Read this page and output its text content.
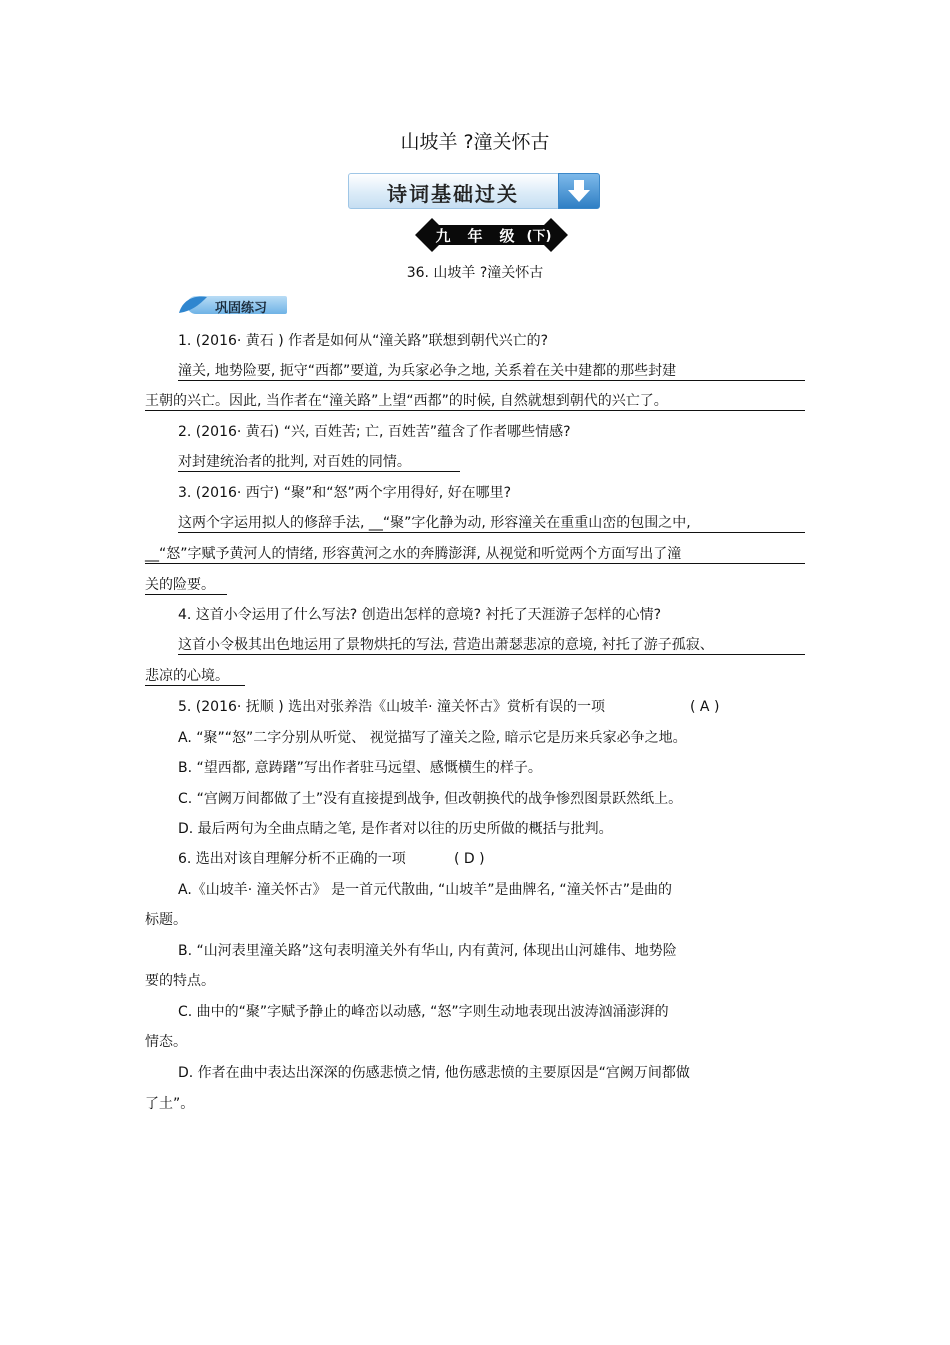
山坡羊 ?潼关怀古
诗词基础过关
九	年	级 (下)
36. 山坡羊 ?潼关怀古
巩固练习
1. (2016· 黄石 ) 作者是如何从“潼关路”联想到朝代兴亡的?
潼关, 地势险要, 扼守“西都”要道, 为兵家必争之地, 关系着在关中建都的那些封建
王朝的兴亡。因此, 当作者在“潼关路”上望“西都”的时候, 自然就想到朝代的兴亡了。
2. (2016· 黄石) “兴, 百姓苦; 亡, 百姓苦”蕴含了作者哪些情感?
对封建统治者的批判, 对百姓的同情。
3. (2016· 西宁) “聚”和“怒”两个字用得好, 好在哪里?
这两个字运用拟人的修辞手法, __“聚”字化静为动, 形容潼关在重重山峦的包围之中,
__“怒”字赋予黄河人的情绪, 形容黄河之水的奔腾澎湃, 从视觉和听觉两个方面写出了潼
关的险要。
4. 这首小令运用了什么写法? 创造出怎样的意境? 衬托了天涯游子怎样的心情?
这首小令极其出色地运用了景物烘托的写法, 营造出萧瑟悲凉的意境, 衬托了游子孤寂、
悲凉的心境。
5. (2016· 抚顺 ) 选出对张养浩《山坡羊· 潼关怀古》赏析有误的一项	( A )
A. “聚”“怒”二字分别从听觉、 视觉描写了潼关之险, 暗示它是历来兵家必争之地。
B. “望西都, 意踌躇”写出作者驻马远望、感慨横生的样子。
C. “宫阙万间都做了土”没有直接提到战争, 但改朝换代的战争惨烈图景跃然纸上。
D. 最后两句为全曲点睛之笔, 是作者对以往的历史所做的概括与批判。
6. 选出对该自理解分析不正确的一项	( D )
A.《山坡羊· 潼关怀古》 是一首元代散曲, “山坡羊”是曲牌名, “潼关怀古”是曲的
标题。
B. “山河表里潼关路”这句表明潼关外有华山, 内有黄河, 体现出山河雄伟、地势险
要的特点。
C. 曲中的“聚”字赋予静止的峰峦以动感, “怒”字则生动地表现出波涛汹涌澎湃的
情态。
D. 作者在曲中表达出深深的伤感悲愤之情, 他伤感悲愤的主要原因是“宫阙万间都做
了土”。
